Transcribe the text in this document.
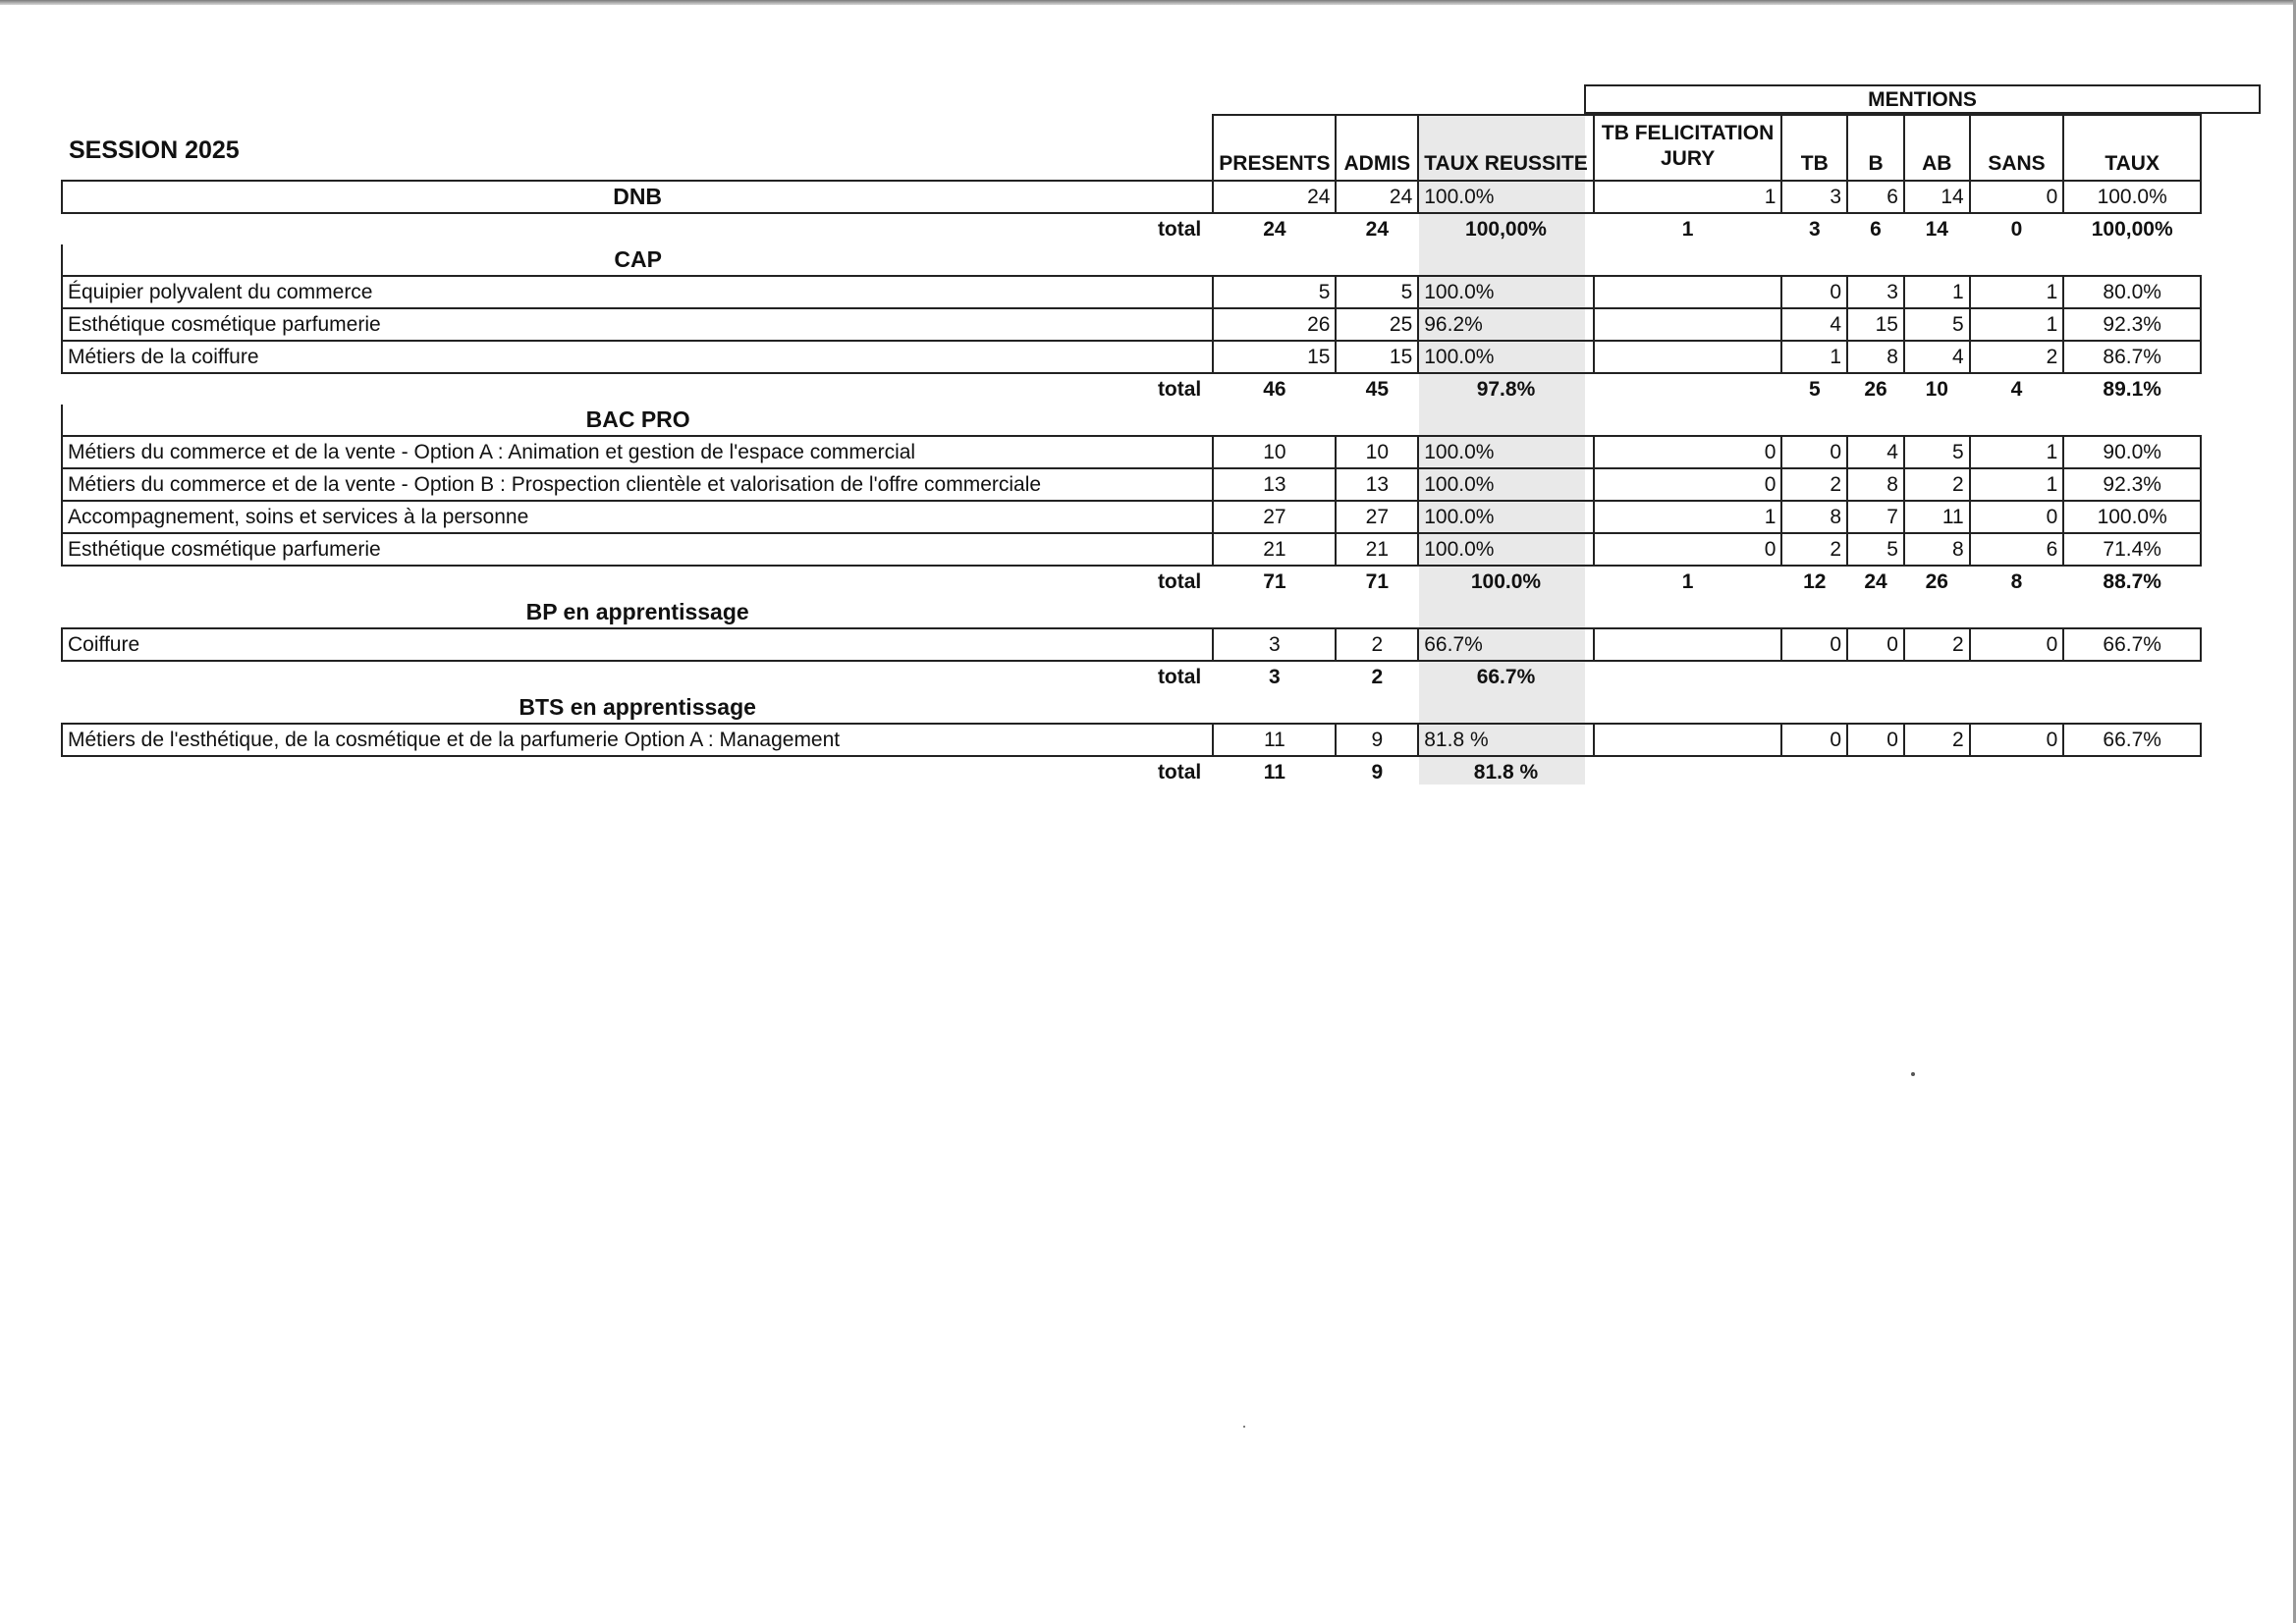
SESSION 2025
MENTIONS
	PRESENTS	ADMIS	TAUX REUSSITE	TB FELICITATION
JURY	TB	B	AB	SANS	TAUX
DNB	24	24	100.0%	1	3	6	14	0	100.0%
total	24	24	100,00%	1	3	6	14	0	100,00%
CAP									
Équipier polyvalent du commerce	5	5	100.0%		0	3	1	1	80.0%
Esthétique cosmétique parfumerie	26	25	96.2%		4	15	5	1	92.3%
Métiers de la coiffure	15	15	100.0%		1	8	4	2	86.7%
total	46	45	97.8%		5	26	10	4	89.1%
BAC PRO									
Métiers du commerce et de la vente - Option A : Animation et gestion de l'espace commercial	10	10	100.0%	0	0	4	5	1	90.0%
Métiers du commerce et de la vente - Option B : Prospection clientèle et valorisation de l'offre commerciale	13	13	100.0%	0	2	8	2	1	92.3%
Accompagnement, soins et services à la personne	27	27	100.0%	1	8	7	11	0	100.0%
Esthétique cosmétique parfumerie	21	21	100.0%	0	2	5	8	6	71.4%
total	71	71	100.0%	1	12	24	26	8	88.7%
BP en apprentissage									
Coiffure	3	2	66.7%		0	0	2	0	66.7%
total	3	2	66.7%						
BTS en apprentissage									
Métiers de l'esthétique, de la cosmétique et de la parfumerie Option A : Management	11	9	81.8 %		0	0	2	0	66.7%
total	11	9	81.8 %						
